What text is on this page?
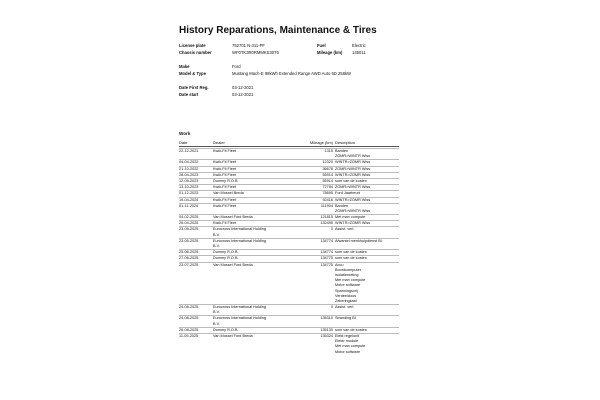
History Reparations, Maintenance & Tires
License plate	752701 N-311-PF	Fuel	Electric
Chassis number	WF0TK3R0RMMKS3076	Mileage (km) 145011
Make	Ford
Model & Type	Mustang Mach-E 98kWh Extended Range AWD Auto 5D 258kW
Date First Reg.	03-12-2021
Date start	03-12-2021
Work
Date	Dealer	Mileage (km) Description
22-12-2021	Kwik-Fit Fleet	1315 Banden
ZOMR>WINTR Wiss
04-04-2022	Kwik-Fit Fleet	12320 WINTR>ZOMR Wiss
21-10-2022	Kwik-Fit Fleet	36678 ZOMR>WINTR Wiss
28-04-2023	Kwik-Fit Fleet	55914 WINTR>ZOMR Wiss
12-05-2023	Dummy R.O.B.	55914 som van de kosten
13-10-2023	Kwik-Fit Fleet	72784 ZOMR>WINTR Wiss
01-12-2023	Van Mossel Breda	78695 Ford Jaarbeurt
19-04-2024	Kwik-Fit Fleet	92416 WINTR>ZOMR Wiss
01-11-2024	Kwik-Fit Fleet	111904 Banden
ZOMR>WINTR Wiss
04-02-2025	Van Mossel Ford Breda	121815 Met man compute
25-04-2025	Kwik-Fit Fleet	132495 WINTR>ZOMR Wiss
23-05-2025	Eurocross International Holding	0 Assist. verl.
B.V.
23-05-2025	Eurocross International Holding	134774 Afwantel menkhulpdienst BI
B.V.
25-06-2025	Dummy R.O.B.	134774 som van de kosten
27-06-2025	Dummy R.O.B.	134775 som van de kosten
23-07-2025	Van Mossel Ford Breda	134775 Accu
Boordcomputer
Isolatiemeting
Met man compute
Motor software
Spanningsvrij
Verdeeldoos
Zekeringkast
24-08-2025	Eurocross International Holding	0 Assist. verl.
B.V.
24-08-2025	Eurocross International Holding	135310 Stranding BI
B.V.
26-08-2025	Dummy R.O.B.	135130 som van de kosten
11-09-2025	Van Mossel Ford Breda	135324 Elekt regelunit
Elektr module
Met man compute
Motor software
